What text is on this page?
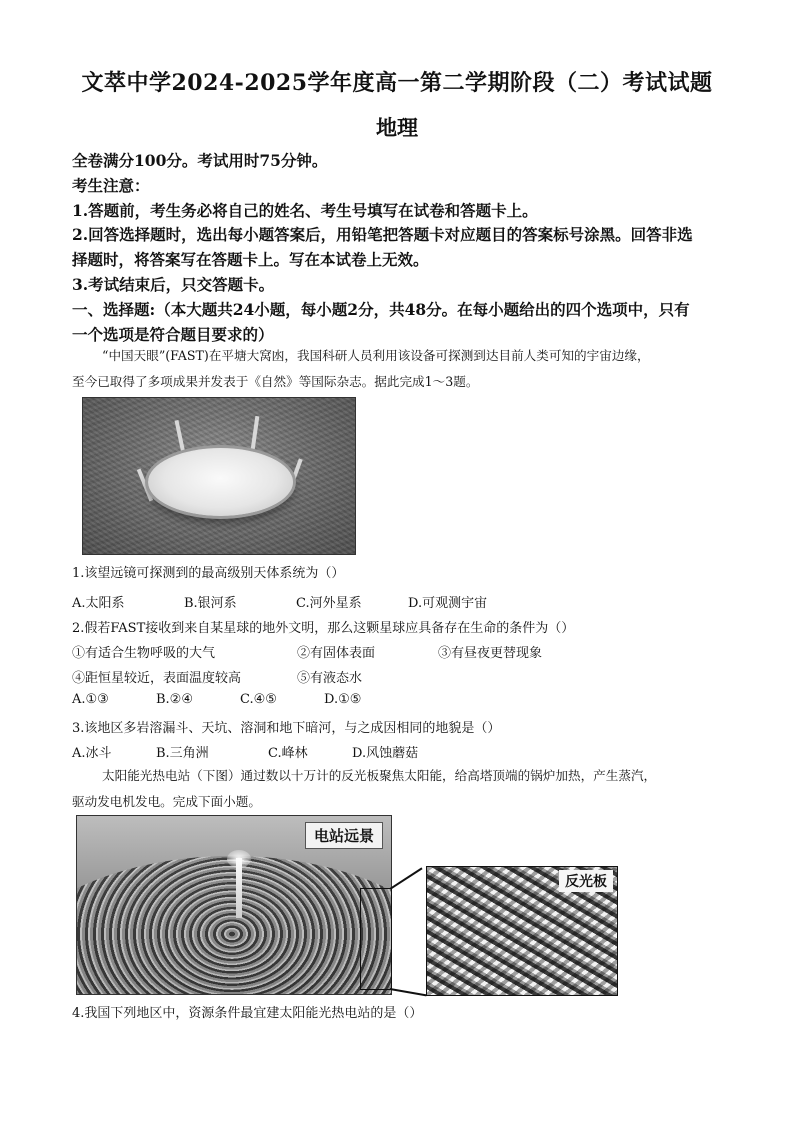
文萃中学2024-2025学年度高一第二学期阶段（二）考试试题
地理
全卷满分100分。考试用时75分钟。
考生注意：
1.答题前，考生务必将自己的姓名、考生号填写在试卷和答题卡上。
2.回答选择题时，选出每小题答案后，用铅笔把答题卡对应题目的答案标号涂黑。回答非选
择题时，将答案写在答题卡上。写在本试卷上无效。
3.考试结束后，只交答题卡。
一、选择题:（本大题共24小题，每小题2分，共48分。在每小题给出的四个选项中，只有
一个选项是符合题目要求的）
“中国天眼”(FAST)在平塘大窝凼，我国科研人员利用该设备可探测到达目前人类可知的宇宙边缘，
至今已取得了多项成果并发表于《自然》等国际杂志。据此完成1～3题。
1.该望远镜可探测到的最高级别天体系统为（）
A.太阳系	B.银河系	C.河外星系	D.可观测宇宙
2.假若FAST接收到来自某星球的地外文明，那么这颗星球应具备存在生命的条件为（）
①有适合生物呼吸的大气	②有固体表面	③有昼夜更替现象
④距恒星较近，表面温度较高	⑤有液态水
A.①③	B.②④	C.④⑤	D.①⑤
3.该地区多岩溶漏斗、天坑、溶洞和地下暗河，与之成因相同的地貌是（）
A.冰斗	B.三角洲	C.峰林	D.风蚀蘑菇
太阳能光热电站（下图）通过数以十万计的反光板聚焦太阳能，给高塔顶端的锅炉加热，产生蒸汽，
驱动发电机发电。完成下面小题。
电站远景
反光板
4.我国下列地区中，资源条件最宜建太阳能光热电站的是（）
